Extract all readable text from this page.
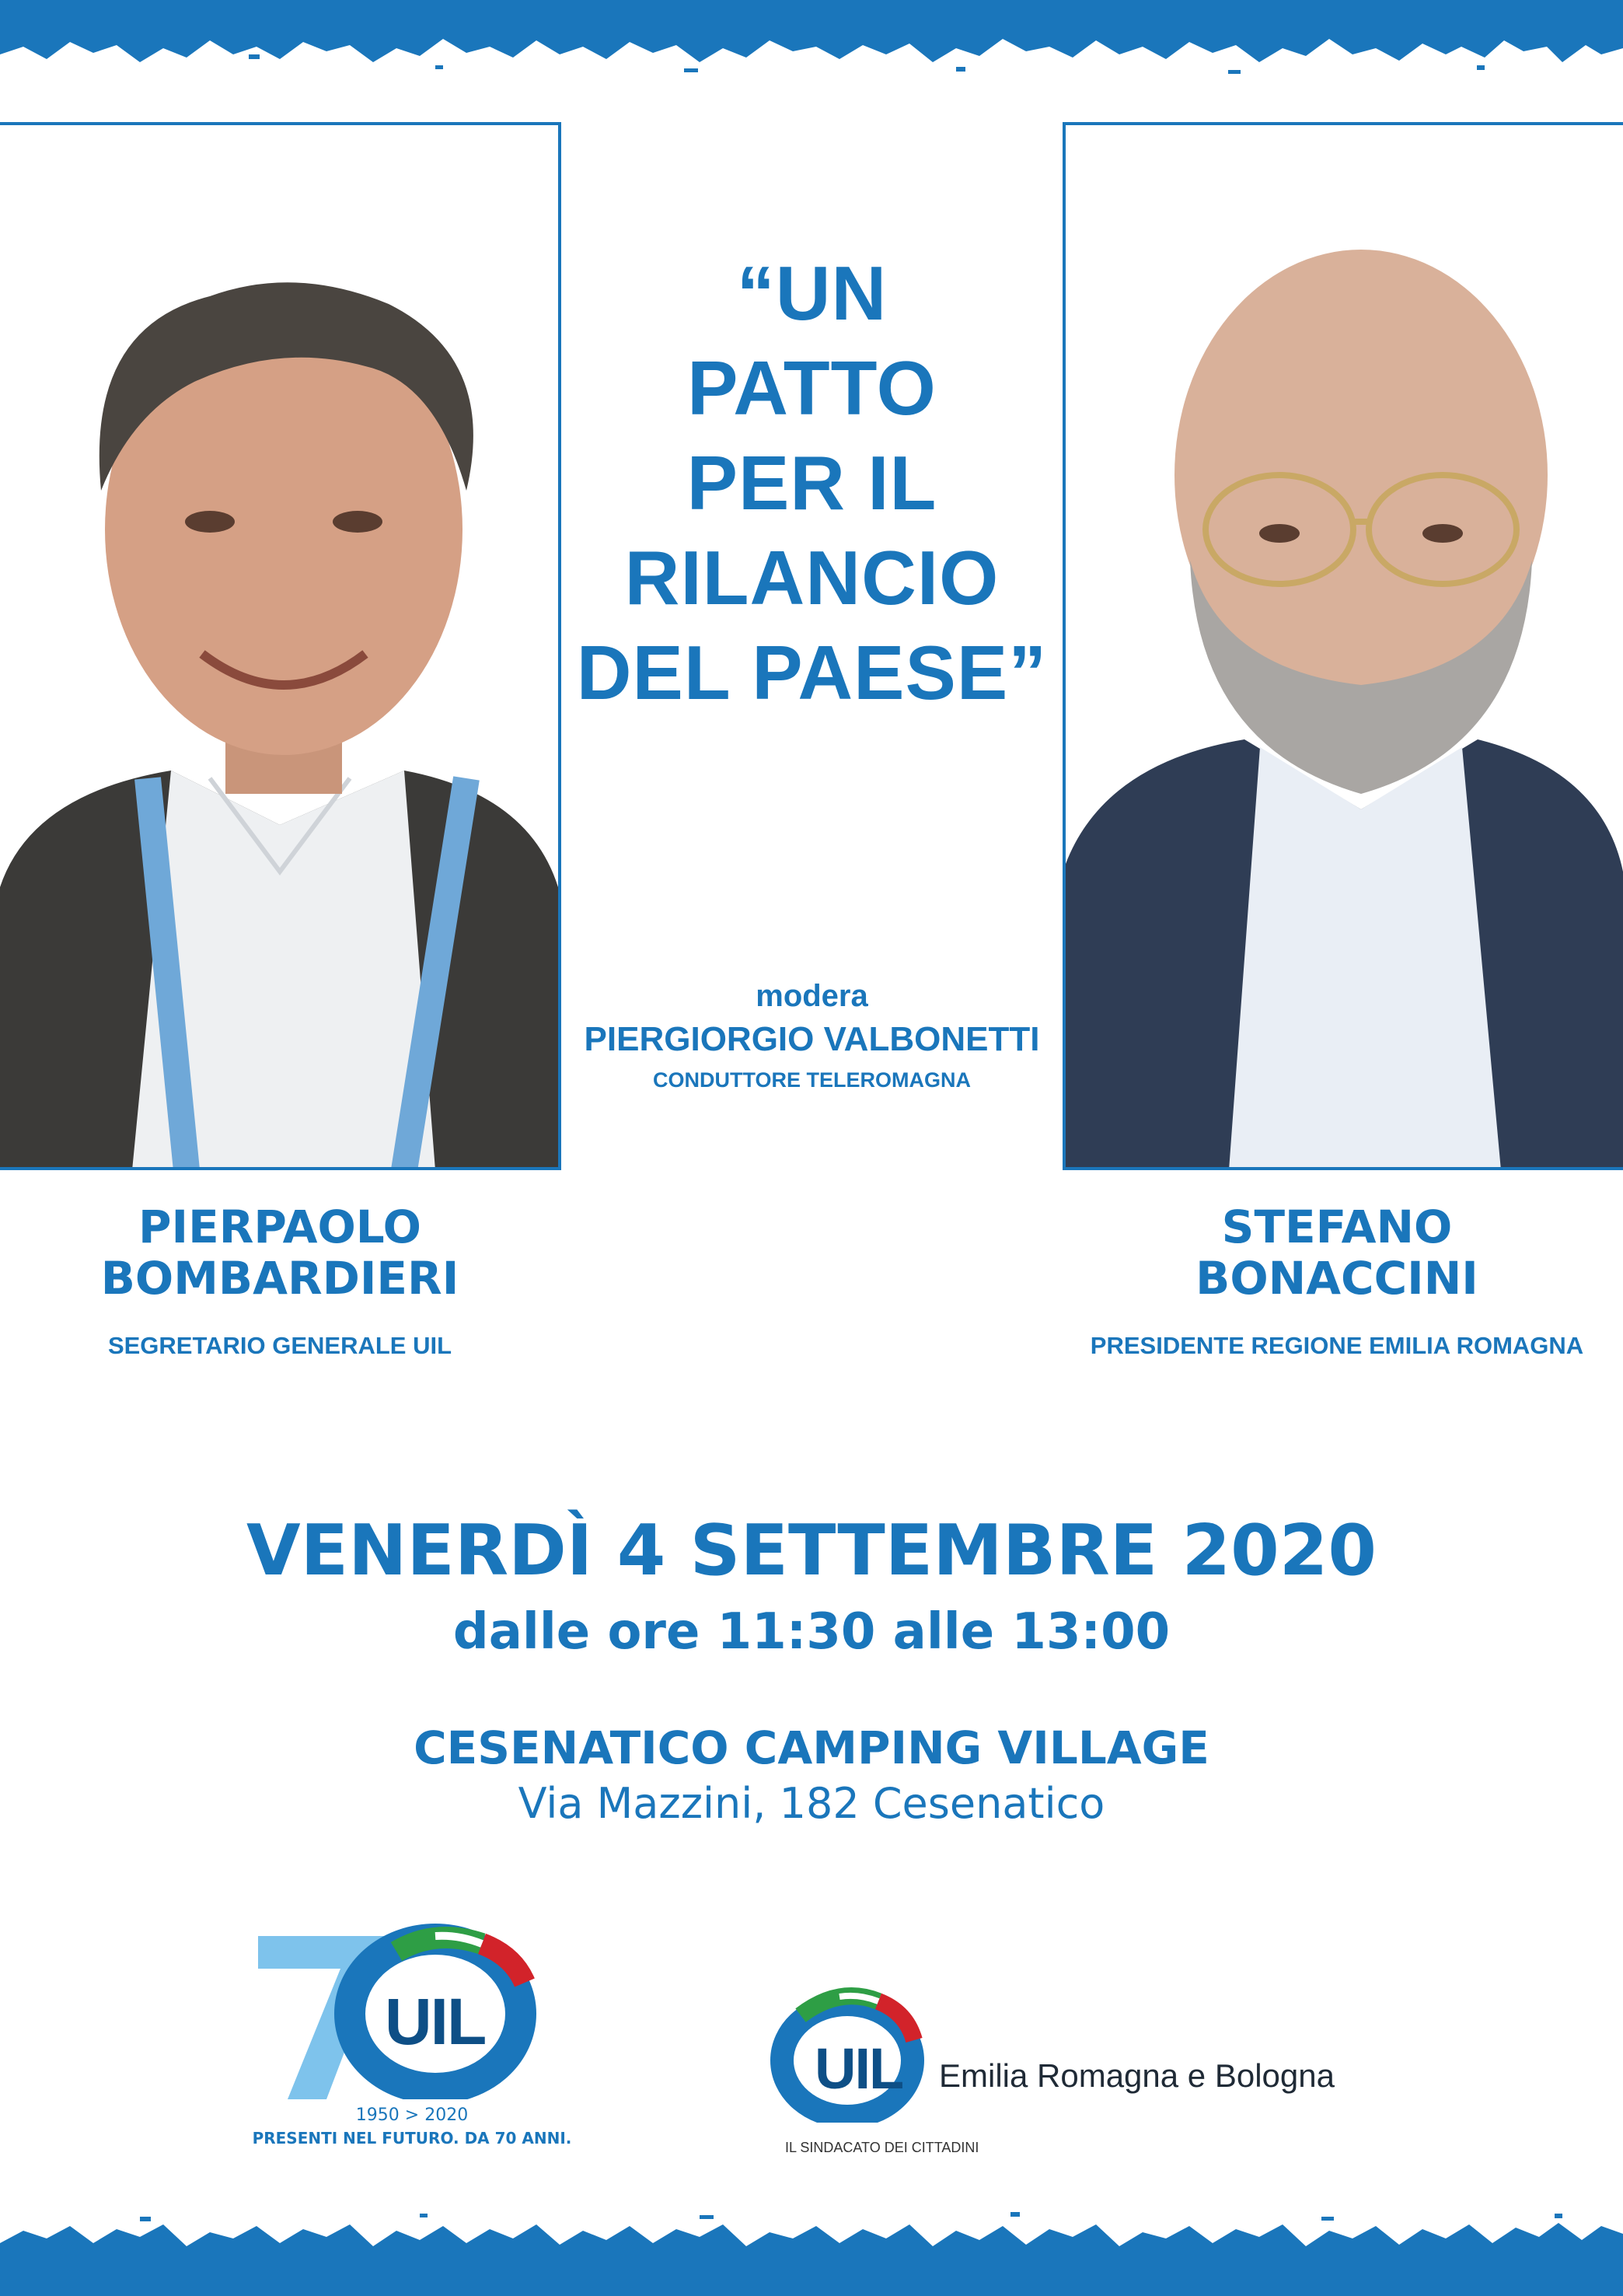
“UN
PATTO
PER IL
RILANCIO
DEL PAESE”
modera
PIERGIORGIO VALBONETTI
CONDUTTORE TELEROMAGNA
PIERPAOLO
BOMBARDIERI
SEGRETARIO GENERALE UIL
STEFANO
BONACCINI
PRESIDENTE REGIONE EMILIA ROMAGNA
VENERDÌ 4 SETTEMBRE 2020
dalle ore 11:30 alle 13:00
CESENATICO CAMPING VILLAGE
Via Mazzini, 182 Cesenatico
UIL
1950 > 2020
PRESENTI NEL FUTURO. DA 70 ANNI.
UIL Emilia Romagna e Bologna
IL SINDACATO DEI CITTADINI
